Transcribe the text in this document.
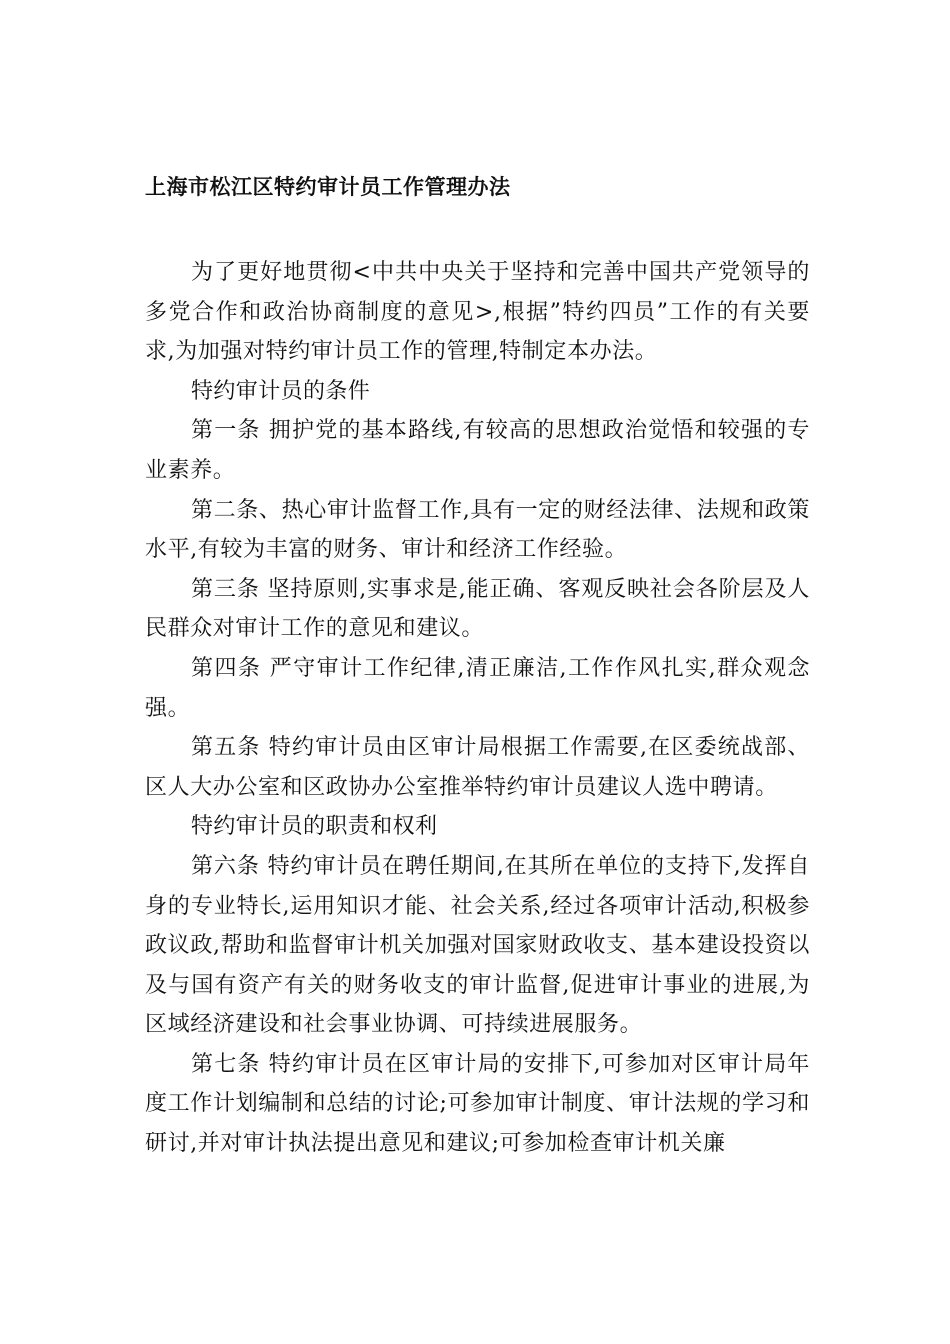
上海市松江区特约审计员工作管理办法

为了更好地贯彻<中共中央关于坚持和完善中国共产党领导的多党合作和政治协商制度的意见>,根据”特约四员”工作的有关要求,为加强对特约审计员工作的管理,特制定本办法。

特约审计员的条件

第一条 拥护党的基本路线,有较高的思想政治觉悟和较强的专业素养。

第二条、热心审计监督工作,具有一定的财经法律、法规和政策水平,有较为丰富的财务、审计和经济工作经验。

第三条 坚持原则,实事求是,能正确、客观反映社会各阶层及人民群众对审计工作的意见和建议。

第四条 严守审计工作纪律,清正廉洁,工作作风扎实,群众观念强。

第五条 特约审计员由区审计局根据工作需要,在区委统战部、区人大办公室和区政协办公室推举特约审计员建议人选中聘请。

特约审计员的职责和权利

第六条 特约审计员在聘任期间,在其所在单位的支持下,发挥自身的专业特长,运用知识才能、社会关系,经过各项审计活动,积极参政议政,帮助和监督审计机关加强对国家财政收支、基本建设投资以及与国有资产有关的财务收支的审计监督,促进审计事业的进展,为区域经济建设和社会事业协调、可持续进展服务。

第七条 特约审计员在区审计局的安排下,可参加对区审计局年度工作计划编制和总结的讨论;可参加审计制度、审计法规的学习和研讨,并对审计执法提出意见和建议;可参加检查审计机关廉
